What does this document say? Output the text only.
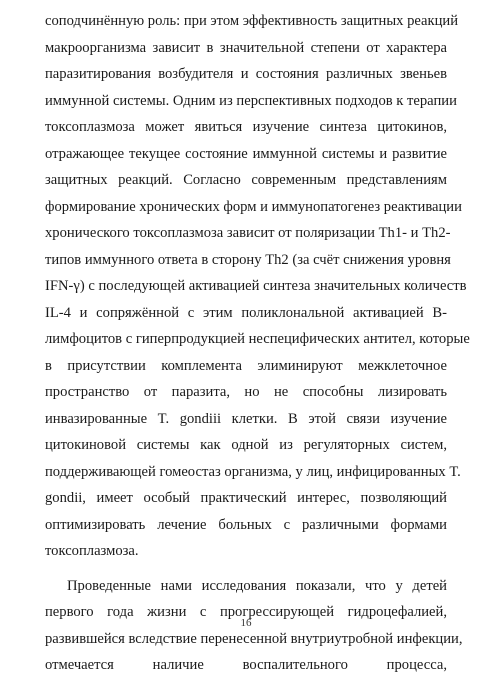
соподчинённую роль: при этом эффективность защитных реакций
макроорганизма зависит в значительной степени от характера
паразитирования возбудителя и состояния различных звеньев
иммунной системы. Одним из перспективных подходов к терапии
токсоплазмоза может явиться изучение синтеза цитокинов,
отражающее текущее состояние иммунной системы и развитие
защитных реакций. Согласно современным представлениям
формирование хронических форм и иммунопатогенез реактивации
хронического токсоплазмоза зависит от поляризации Th1- и Th2-
типов иммунного ответа в сторону Th2 (за счёт снижения уровня
IFN-γ) с последующей активацией синтеза значительных количеств
IL-4 и сопряжённой с этим поликлональной активацией В-
лимфоцитов с гиперпродукцией неспецифических антител, которые
в присутствии комплемента элиминируют межклеточное
пространство от паразита, но не способны лизировать
инвазированные T. gondiii клетки. В этой связи изучение
цитокиновой системы как одной из регуляторных систем,
поддерживающей гомеостаз организма, у лиц, инфицированных T.
gondii, имеет особый практический интерес, позволяющий
оптимизировать лечение больных с различными формами
токсоплазмоза.
Проведенные нами исследования показали, что у детей
первого года жизни с прогрессирующей гидроцефалией,
развившейся вследствие перенесенной внутриутробной инфекции,
отмечается наличие воспалительного процесса,
16
